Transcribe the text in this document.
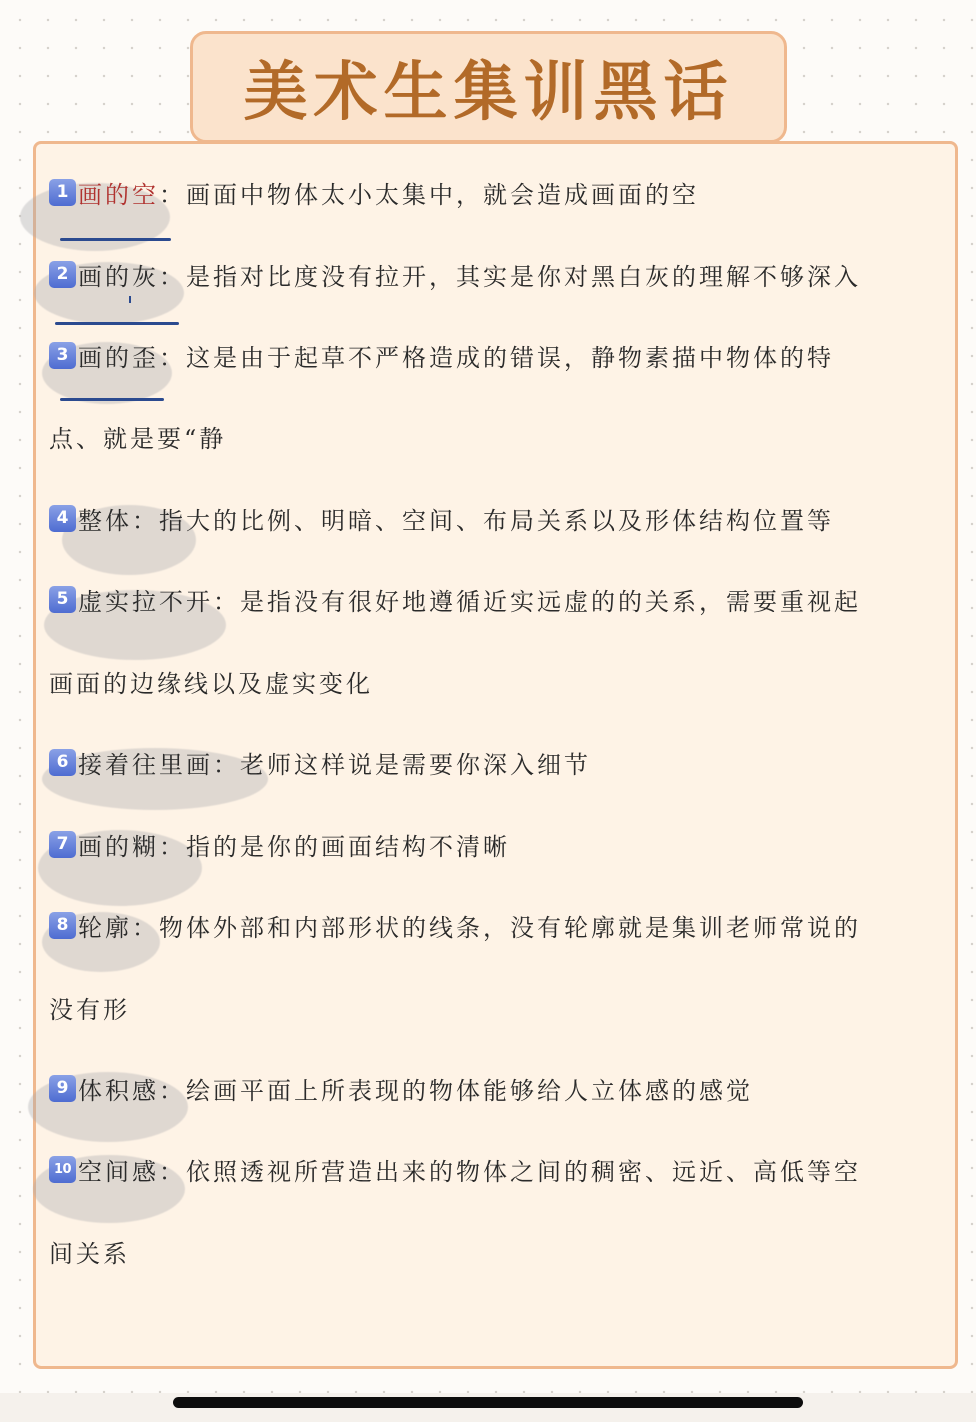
美术生集训黑话
1 画的空 ： 画面中物体太小太集中，就会造成画面的空
2 画的灰 ： 是指对比度没有拉开，其实是你对黑白灰的理解不够深入
3 画的歪 ： 这是由于起草不严格造成的错误，静物素描中物体的特
点、就是要“静
4 整体 ： 指大的比例、明暗、空间、布局关系以及形体结构位置等
5 虚实拉不开 ： 是指没有很好地遵循近实远虚的的关系，需要重视起
画面的边缘线以及虚实变化
6 接着往里画 ： 老师这样说是需要你深入细节
7 画的糊 ： 指的是你的画面结构不清晰
8 轮廓 ： 物体外部和内部形状的线条，没有轮廓就是集训老师常说的
没有形
9 体积感 ： 绘画平面上所表现的物体能够给人立体感的感觉
10 空间感 ： 依照透视所营造出来的物体之间的稠密、远近、高低等空
间关系
